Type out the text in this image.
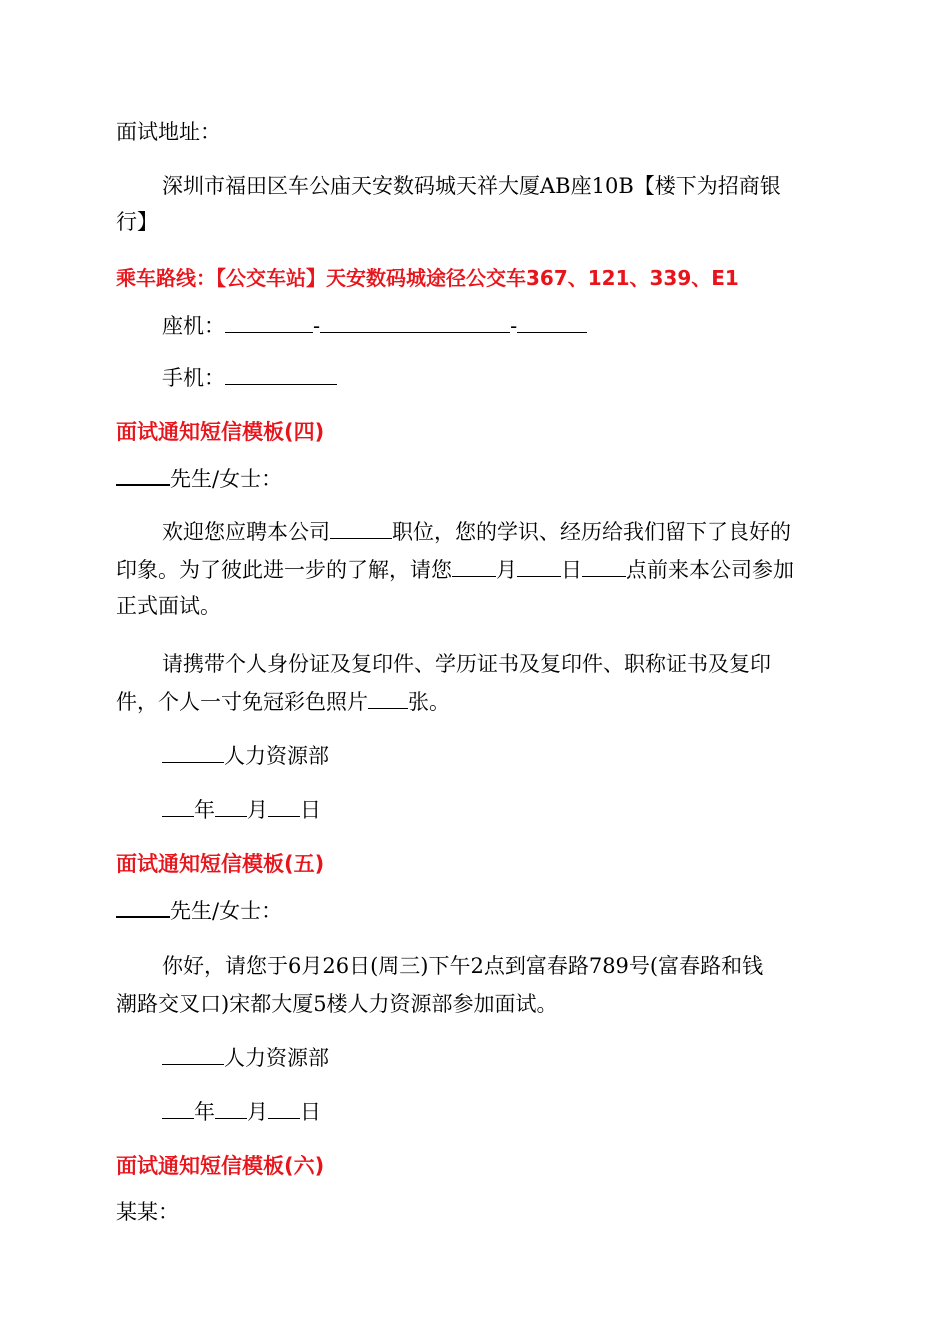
面试地址：
深圳市福田区车公庙天安数码城天祥大厦AB座10B【楼下为招商银
行】
乘车路线：【公交车站】天安数码城途径公交车367、121、339、E1
座机：	-	-
手机：
面试通知短信模板(四)
先生/女士：
欢迎您应聘本公司	职位，您的学识、经历给我们留下了良好的
印象。为了彼此进一步的了解，请您 月 日 点前来本公司参加
正式面试。
请携带个人身份证及复印件、学历证书及复印件、职称证书及复印
件，个人一寸免冠彩色照片 张。
人力资源部
年 月 日
面试通知短信模板(五)
先生/女士：
你好，请您于6月26日(周三)下午2点到富春路789号(富春路和钱
潮路交叉口)宋都大厦5楼人力资源部参加面试。
人力资源部
年 月 日
面试通知短信模板(六)
某某：
